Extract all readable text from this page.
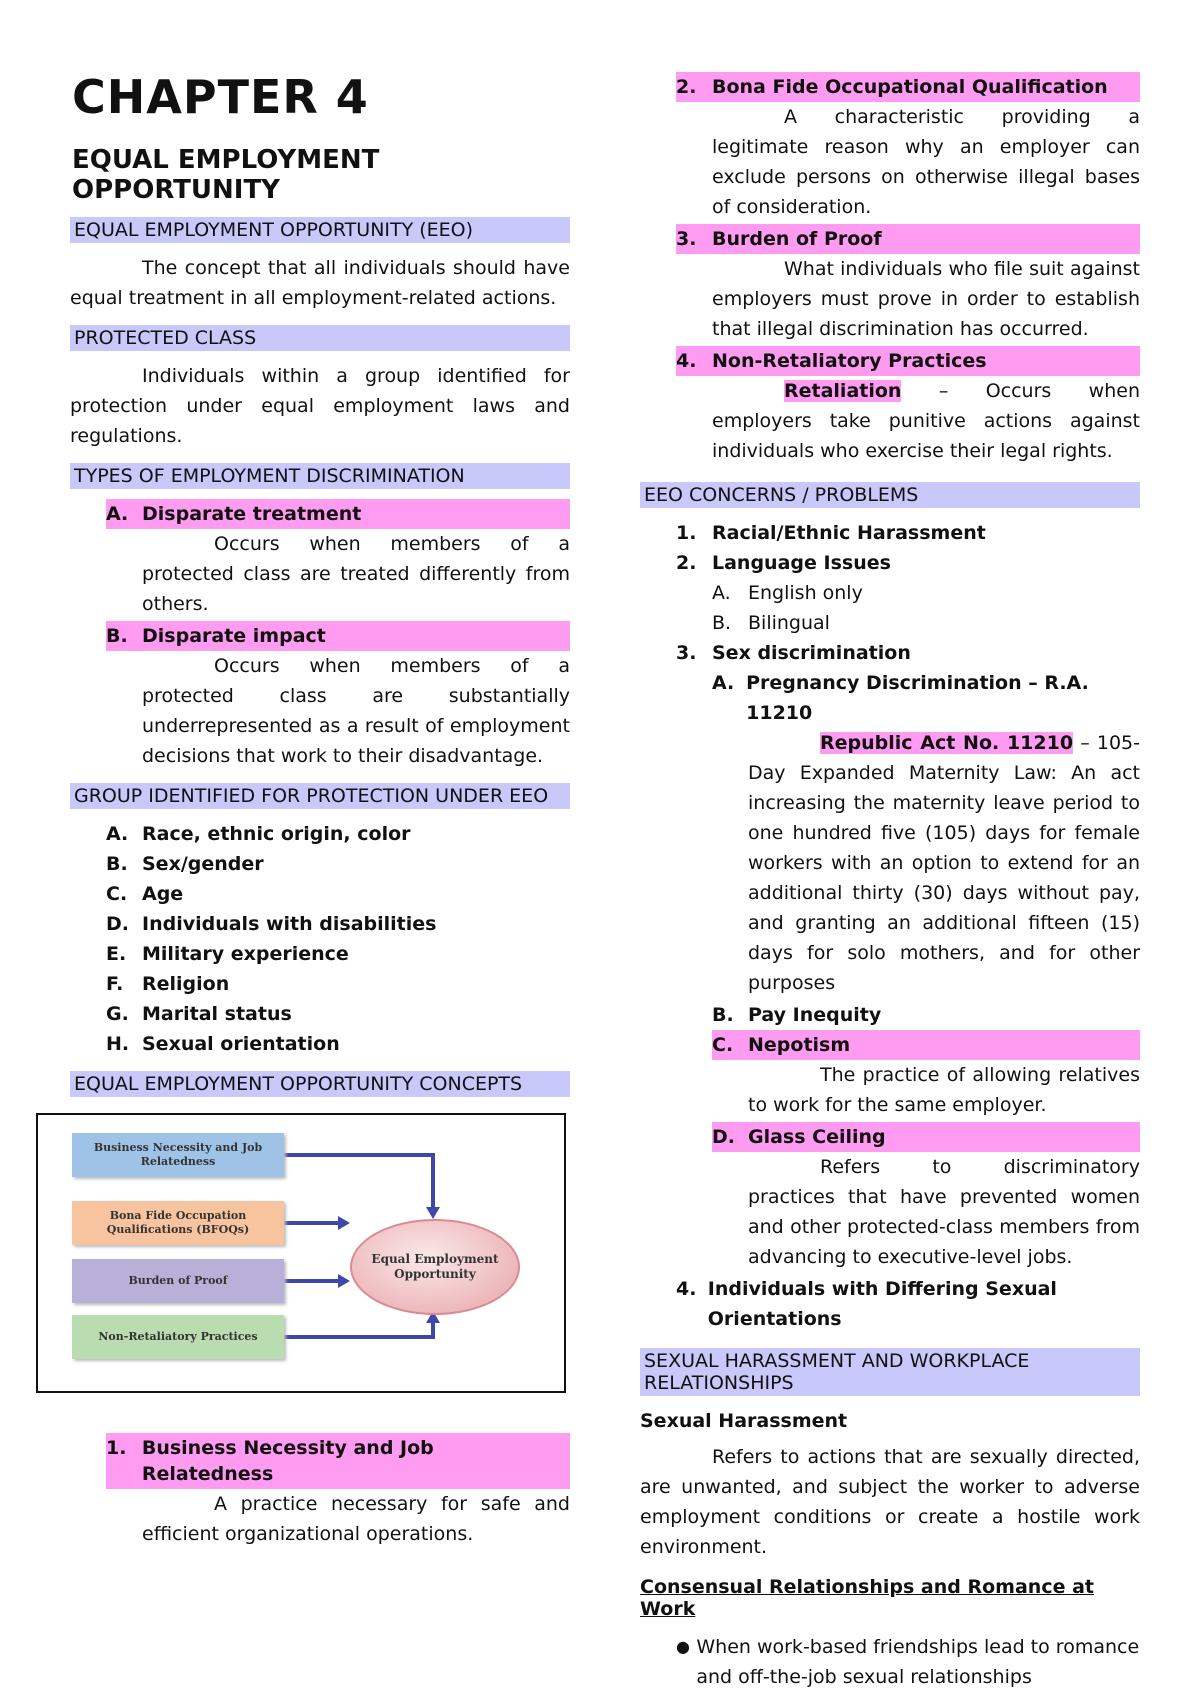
CHAPTER 4
EQUAL EMPLOYMENT OPPORTUNITY
EQUAL EMPLOYMENT OPPORTUNITY (EEO)

The concept that all individuals should have equal treatment in all employment-related actions.

PROTECTED CLASS

Individuals within a group identified for protection under equal employment laws and regulations.

TYPES OF EMPLOYMENT DISCRIMINATION
A. Disparate treatment

Occurs when members of a protected class are treated differently from others.

B. Disparate impact

Occurs when members of a protected class are substantially underrepresented as a result of employment decisions that work to their disadvantage.

GROUP IDENTIFIED FOR PROTECTION UNDER EEO
A. Race, ethnic origin, color
B. Sex/gender
C. Age
D. Individuals with disabilities
E. Military experience
F. Religion
G. Marital status
H. Sexual orientation
EQUAL EMPLOYMENT OPPORTUNITY CONCEPTS
Business Necessity and Job Relatedness
Bona Fide Occupation Qualifications (BFOQs)
Burden of Proof
Non-Retaliatory Practices
Equal Employment Opportunity
1. Business Necessity and Job Relatedness

A practice necessary for safe and efficient organizational operations.

2. Bona Fide Occupational Qualification

A characteristic providing a legitimate reason why an employer can exclude persons on otherwise illegal bases of consideration.

3. Burden of Proof

What individuals who file suit against employers must prove in order to establish that illegal discrimination has occurred.

4. Non-Retaliatory Practices

Retaliation – Occurs when employers take punitive actions against individuals who exercise their legal rights.

EEO CONCERNS / PROBLEMS
1. Racial/Ethnic Harassment
2. Language Issues
A. English only
B. Bilingual
3. Sex discrimination
A. Pregnancy Discrimination – R.A. 11210

Republic Act No. 11210 – 105-Day Expanded Maternity Law: An act increasing the maternity leave period to one hundred five (105) days for female workers with an option to extend for an additional thirty (30) days without pay, and granting an additional fifteen (15) days for solo mothers, and for other purposes

B. Pay Inequity
C. Nepotism

The practice of allowing relatives to work for the same employer.

D. Glass Ceiling

Refers to discriminatory practices that have prevented women and other protected-class members from advancing to executive-level jobs.

4. Individuals with Differing Sexual Orientations
SEXUAL HARASSMENT AND WORKPLACE RELATIONSHIPS
Sexual Harassment

Refers to actions that are sexually directed, are unwanted, and subject the worker to adverse employment conditions or create a hostile work environment.

Consensual Relationships and Romance at Work
● When work-based friendships lead to romance and off-the-job sexual relationships
